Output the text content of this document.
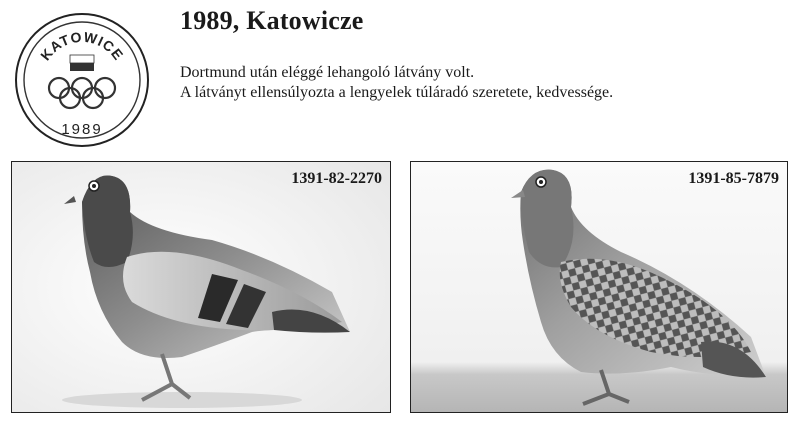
KATOWICE
1989
1989, Katowicze
Dortmund után eléggé lehangoló látvány volt.
A látványt ellensúlyozta a lengyelek túláradó szeretete, kedvessége.
1391-82-2270	1391-85-7879
